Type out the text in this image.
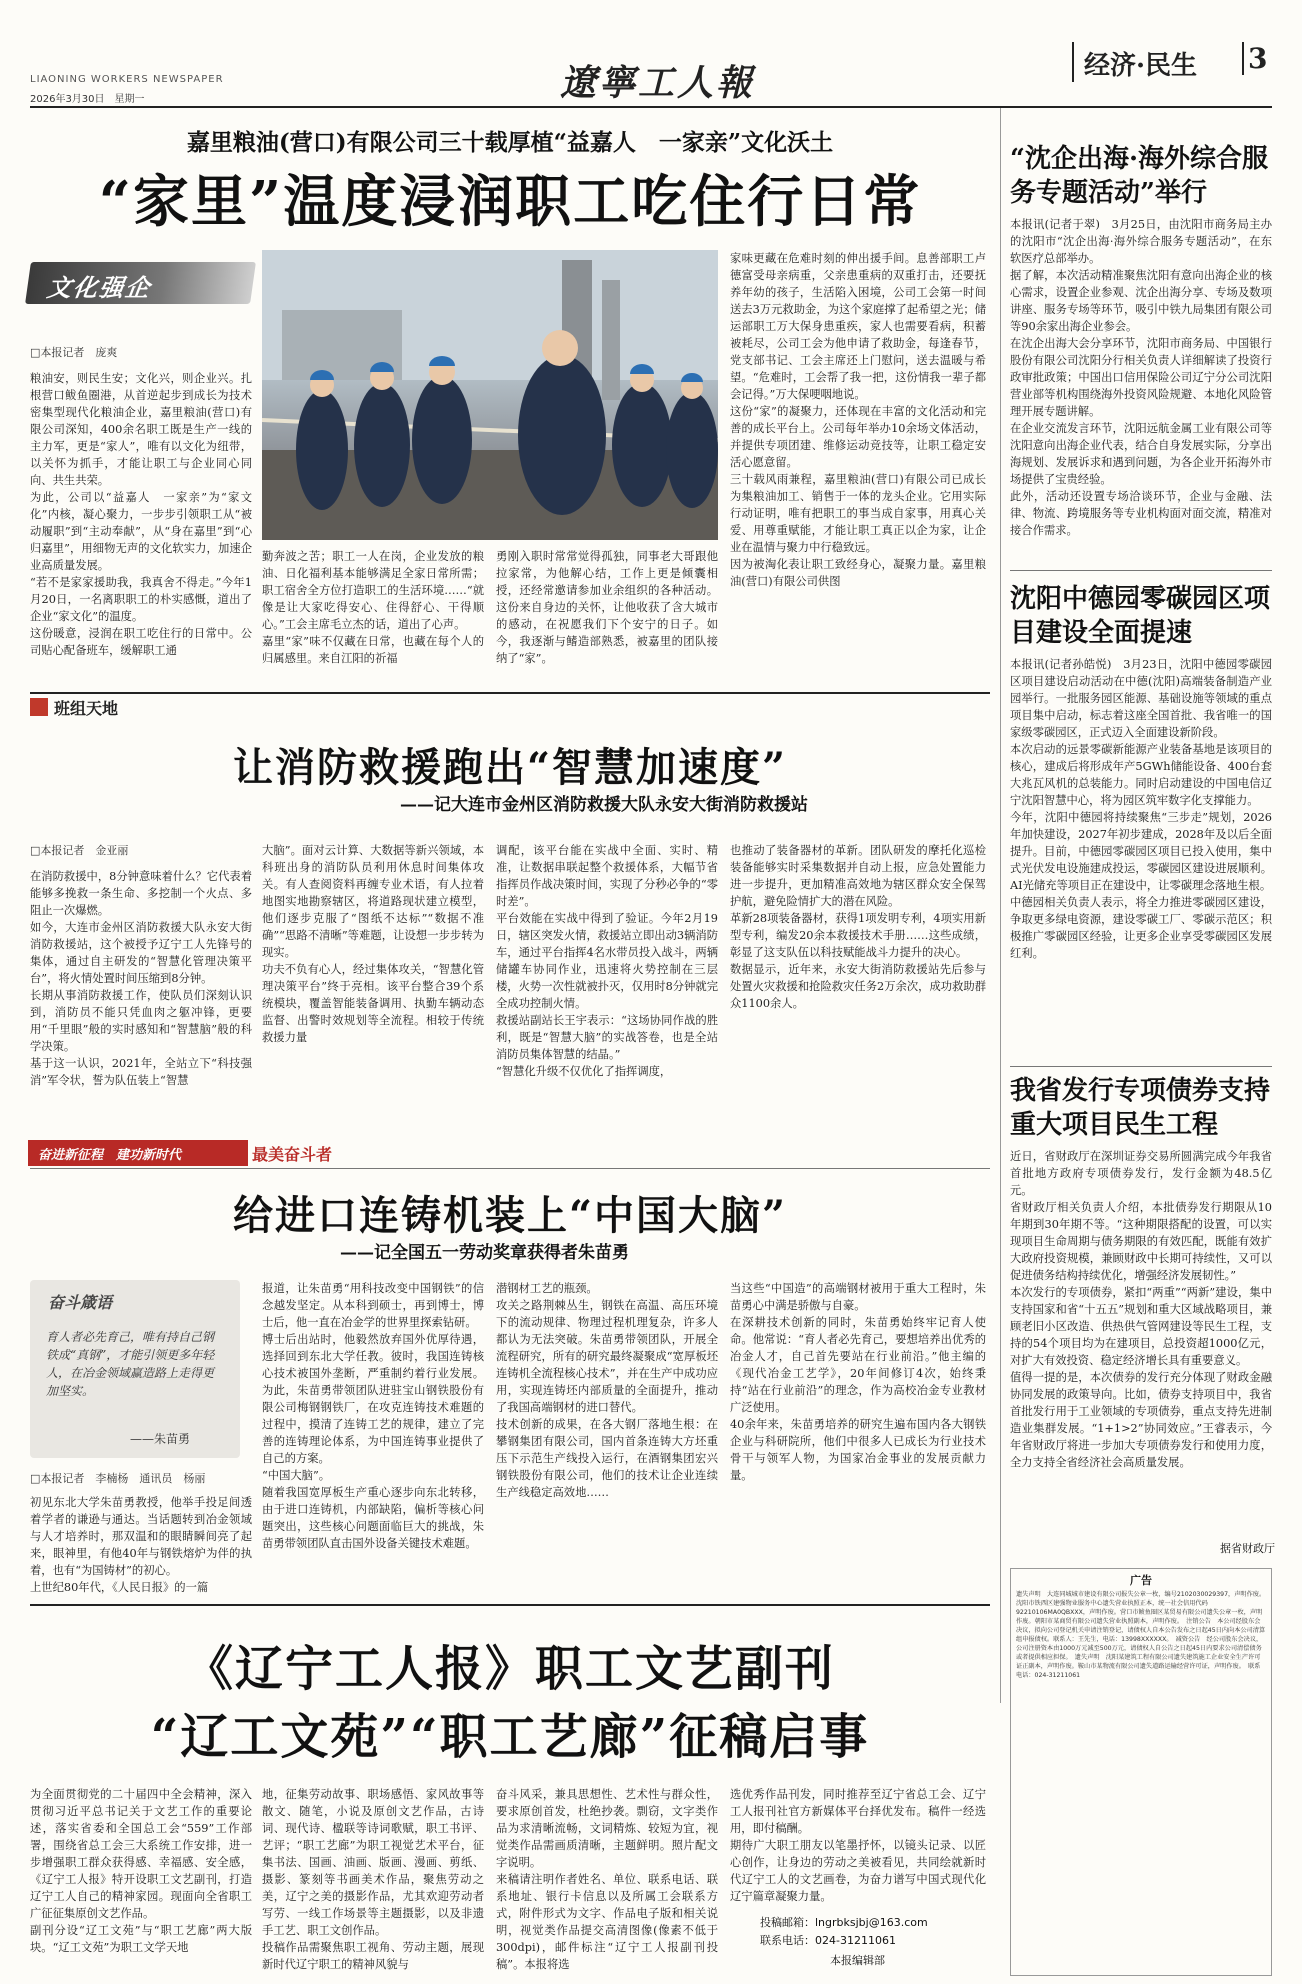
LIAONING WORKERS NEWSPAPER
2026年3月30日　星期一	遼寧工人報	经济·民生 3
嘉里粮油(营口)有限公司三十载厚植“益嘉人　一家亲”文化沃土
“家里”温度浸润职工吃住行日常
文化强企
□本报记者　庞爽
粮油安，则民生安；文化兴，则企业兴。扎根营口鲅鱼圈港，从首逆起步到成长为技术密集型现代化粮油企业，嘉里粮油(营口)有限公司深知，400余名职工既是生产一线的主力军，更是“家人”，唯有以文化为纽带，以关怀为抓手，才能让职工与企业同心同向、共生共荣。
为此，公司以“益嘉人　一家亲”为“家文化”内核，凝心聚力，一步步引领职工从“被动履职”到“主动奉献”，从“身在嘉里”到“心归嘉里”，用细物无声的文化软实力，加速企业高质量发展。
“若不是家家援助我，我真舍不得走。”今年1月20日，一名离职职工的朴实感慨，道出了企业“家文化”的温度。
这份暖意，浸润在职工吃住行的日常中。公司贴心配备班车，缓解职工通
勤奔波之苦；职工一人在岗，企业发放的粮油、日化福利基本能够满足全家日常所需；职工宿舍全方位打造职工的生活环境……“就像是让大家吃得安心、住得舒心、干得顺心。”工会主席毛立杰的话，道出了心声。
嘉里“家”味不仅藏在日常，也藏在每个人的归属感里。来自江阳的祈福
勇刚入职时常常觉得孤独，同事老大哥跟他拉家常，为他解心结，工作上更是倾囊相授，还经常邀请参加业余组织的各种活动。这份来自身边的关怀，让他收获了含大城市的感动，在祝愿我们下个安宁的日子。如今，我逐渐与鳍造部熟悉，被嘉里的团队接纳了“家”。
家味更藏在危难时刻的伸出援手间。息善部职工卢德富受母亲病重，父亲患重病的双重打击，还要抚养年幼的孩子，生活陷入困境，公司工会第一时间送去3万元救助金，为这个家庭撑了起希望之光；储运部职工万大保身患重疾，家人也需要看病，积蓄被耗尽，公司工会为他申请了救助金，每逢春节，党支部书记、工会主席还上门慰问，送去温暖与希望。“危难时，工会帮了我一把，这份情我一辈子都会记得。”万大保哽咽地说。
这份“家”的凝聚力，还体现在丰富的文化活动和完善的成长平台上。公司每年举办10余场文体活动，并提供专项团建、维修运动竞技等，让职工稳定安活心愿意留。
三十载风雨兼程，嘉里粮油(营口)有限公司已成长为集粮油加工、销售于一体的龙头企业。它用实际行动证明，唯有把职工的事当成自家事，用真心关爱、用尊重赋能，才能让职工真正以企为家，让企业在温情与聚力中行稳致远。
因为被淘化表让职工致经身心，凝聚力量。嘉里粮油(营口)有限公司供图
班组天地
让消防救援跑出“智慧加速度”
——记大连市金州区消防救援大队永安大街消防救援站
□本报记者　金亚丽
在消防救援中，8分钟意味着什么？它代表着能够多挽救一条生命、多挖制一个火点、多阻止一次爆燃。
如今，大连市金州区消防救援大队永安大街消防救援站，这个被授予辽宁工人先锋号的集体，通过自主研发的“智慧化管理决策平台”，将火情处置时间压缩到8分钟。
长期从事消防救援工作，使队员们深刻认识到，消防员不能只凭血肉之躯冲锋，更要用“千里眼”般的实时感知和“智慧脑”般的科学决策。
基于这一认识，2021年，全站立下“科技强消”军令状，誓为队伍装上“智慧
大脑”。面对云计算、大数据等新兴领域，本科班出身的消防队员利用休息时间集体攻关。有人查阅资料再缠专业术语，有人拉着地图实地勘察辖区，将道路现状建立模型，他们逐步克服了“图纸不达标”“数据不准确”“思路不清晰”等难题，让设想一步步转为现实。
功夫不负有心人，经过集体攻关，“智慧化管理决策平台”终于亮相。该平台整合39个系统模块，覆盖智能装备调用、执勤车辆动态监督、出警时效规划等全流程。相较于传统救援力量
调配，该平台能在实战中全面、实时、精准，让数据串联起整个救援体系，大幅节省指挥员作战决策时间，实现了分秒必争的“零时差”。
平台效能在实战中得到了验证。今年2月19日，辖区突发火情，救援站立即出动3辆消防车，通过平台指挥4名水带员投入战斗，两辆储罐车协同作业，迅速将火势控制在三层楼，火势一次性就被扑灭，仅用时8分钟就完全成功控制火情。
救援站副站长王宇表示：“这场协同作战的胜利，既是“智慧大脑”的实战答卷，也是全站消防员集体智慧的结晶。”
“智慧化升级不仅优化了指挥调度，
也推动了装备器材的革新。团队研发的摩托化巡检装备能够实时采集数据并自动上报，应急处置能力进一步提升，更加精准高效地为辖区群众安全保驾护航，避免险情扩大的潜在风险。
革新28项装备器材，获得1项发明专利，4项实用新型专利，编发20余本救援技术手册……这些成绩，彰显了这支队伍以科技赋能战斗力提升的决心。
数据显示，近年来，永安大街消防救援站先后参与处置火灾救援和抢险救灾任务2万余次，成功救助群众1100余人。
奋进新征程　建功新时代	最美奋斗者
给进口连铸机装上“中国大脑”
——记全国五一劳动奖章获得者朱苗勇
奋斗箴语
育人者必先育己，唯有持自己钢铁成“真钢”，才能引领更多年轻人，在冶金领域赢造路上走得更加坚实。
——朱苗勇
□本报记者　李楠杨　通讯员　杨丽
初见东北大学朱苗勇教授，他举手投足间透着学者的谦逊与通达。当话题转到冶金领域与人才培养时，那双温和的眼睛瞬间亮了起来，眼神里，有他40年与钢铁熔炉为伴的执着，也有“为国铸材”的初心。
上世纪80年代，《人民日报》的一篇
报道，让朱苗勇“用科技改变中国钢铁”的信念越发坚定。从本科到硕士，再到博士，博士后，他一直在冶金学的世界里探索钻研。
博士后出站时，他毅然放弃国外优厚待遇，选择回到东北大学任教。彼时，我国连铸核心技术被国外垄断，严重制约着行业发展。为此，朱苗勇带领团队进驻宝山钢铁股份有限公司梅钢钢铁厂，在攻克连铸技术难题的过程中，摸清了连铸工艺的规律，建立了完善的连铸理论体系，为中国连铸事业提供了自己的方案。
“中国大脑”。
随着我国宽厚板生产重心逐步向东北转移，由于进口连铸机，内部缺陷，偏析等核心问题突出，这些核心问题面临巨大的挑战，朱苗勇带领团队直击国外设备关键技术难题。
潜钢材工艺的瓶颈。
攻关之路荆棘丛生，钢铁在高温、高压环境下的流动规律、物理过程机理复杂，许多人都认为无法突破。朱苗勇带领团队，开展全流程研究，所有的研究最终凝聚成“宽厚板坯连铸机全流程核心技术”，并在生产中成功应用，实现连铸坯内部质量的全面提升，推动了我国高端钢材的进口替代。
技术创新的成果，在各大钢厂落地生根：在攀钢集团有限公司，国内首条连铸大方坯重压下示范生产线投入运行，在酒钢集团宏兴钢铁股份有限公司，他们的技术让企业连续生产线稳定高效地……
当这些“中国造”的高端钢材被用于重大工程时，朱苗勇心中满是骄傲与自豪。
在深耕技术创新的同时，朱苗勇始终牢记育人使命。他常说：“育人者必先育己，要想培养出优秀的冶金人才，自己首先要站在行业前沿。”他主编的《现代冶金工艺学》，20年间修订4次，始终秉持“站在行业前沿”的理念，作为高校冶金专业教材广泛使用。
40余年来，朱苗勇培养的研究生遍布国内各大钢铁企业与科研院所，他们中很多人已成长为行业技术骨干与领军人物，为国家冶金事业的发展贡献力量。
《辽宁工人报》职工文艺副刊
“辽工文苑”“职工艺廊”征稿启事
为全面贯彻党的二十届四中全会精神，深入贯彻习近平总书记关于文艺工作的重要论述，落实省委和全国总工会“559”工作部署，围绕省总工会三大系统工作安排，进一步增强职工群众获得感、幸福感、安全感，《辽宁工人报》特开设职工文艺副刊，打造辽宁工人自己的精神家园。现面向全省职工广征征集原创文艺作品。
副刊分设“辽工文苑”与“职工艺廊”两大版块。“辽工文苑”为职工文学天地
地，征集劳动故事、职场感悟、家风故事等散文、随笔，小说及原创文艺作品，古诗词、现代诗、楹联等诗词歌赋，职工书评、艺评；“职工艺廊”为职工视觉艺术平台，征集书法、国画、油画、版画、漫画、剪纸、摄影、篆刻等书画美术作品，聚焦劳动之美，辽宁之美的摄影作品，尤其欢迎劳动者写劳、一线工作场景等主题摄影，以及非遗手工艺、职工文创作品。
投稿作品需聚焦职工视角、劳动主题，展现新时代辽宁职工的精神风貌与
奋斗风采，兼具思想性、艺术性与群众性，要求原创首发，杜绝抄袭。剽窃，文字类作品为求清晰流畅，文词精炼、较短为宜，视觉类作品需画质清晰，主题鲜明。照片配文字说明。
来稿请注明作者姓名、单位、联系电话、联系地址、银行卡信息以及所属工会联系方式，附件形式为文字、作品电子版和相关说明，视觉类作品提交高清图像(像素不低于300dpi)，邮件标注“辽宁工人报副刊投稿”。本报将选
选优秀作品刊发，同时推荐至辽宁省总工会、辽宁工人报刊社官方新媒体平台择优发布。稿件一经选用，即付稿酬。
期待广大职工朋友以笔墨抒怀，以镜头记录、以匠心创作，让身边的劳动之美被看见，共同绘就新时代辽宁工人的文艺画卷，为奋力谱写中国式现代化辽宁篇章凝聚力量。
投稿邮箱：lngrbksjbj@163.com
联系电话：024-31211061
本报编辑部
“沈企出海·海外综合服务专题活动”举行
本报讯(记者于翠)　3月25日，由沈阳市商务局主办的沈阳市“沈企出海·海外综合服务专题活动”，在东软医疗总部举办。
据了解，本次活动精准聚焦沈阳有意向出海企业的核心需求，设置企业参观、沈企出海分享、专场及数项讲座、服务专场等环节，吸引中铁九局集团有限公司等90余家出海企业参会。
在沈企出海大会分享环节，沈阳市商务局、中国银行股份有限公司沈阳分行相关负责人详细解读了投资行政审批政策；中国出口信用保险公司辽宁分公司沈阳营业部等机构围绕海外投资风险规避、本地化风险管理开展专题讲解。
在企业交流发言环节，沈阳远航金属工业有限公司等沈阳意向出海企业代表，结合自身发展实际，分享出海规划、发展诉求和遇到问题，为各企业开拓海外市场提供了宝贵经验。
此外，活动还设置专场洽谈环节，企业与金融、法律、物流、跨境服务等专业机构面对面交流，精准对接合作需求。
沈阳中德园零碳园区项目建设全面提速
本报讯(记者孙皓悦)　3月23日，沈阳中德园零碳园区项目建设启动活动在中德(沈阳)高端装备制造产业园举行。一批服务园区能源、基础设施等领域的重点项目集中启动，标志着这座全国首批、我省唯一的国家级零碳园区，正式迈入全面建设新阶段。
本次启动的远景零碳新能源产业装备基地是该项目的核心，建成后将形成年产5GWh储能设备、400台套大兆瓦风机的总装能力。同时启动建设的中国电信辽宁沈阳智慧中心，将为园区筑牢数字化支撑能力。
今年，沈阳中德园将持续聚焦“三步走”规划，2026年加快建设，2027年初步建成，2028年及以后全面提升。目前，中德园零碳园区项目已投入使用，集中式光伏发电设施建成投运，零碳园区建设进展顺利。AI光储充等项目正在建设中，让零碳理念落地生根。
中德园相关负责人表示，将全力推进零碳园区建设，争取更多绿电资源，建设零碳工厂、零碳示范区；积极推广零碳园区经验，让更多企业享受零碳园区发展红利。
我省发行专项债券支持重大项目民生工程
近日，省财政厅在深圳证券交易所圆满完成今年我省首批地方政府专项债券发行，发行金额为48.5亿元。
省财政厅相关负责人介绍，本批债券发行期限从10年期到30年期不等。“这种期限搭配的设置，可以实现项目生命周期与债务期限的有效匹配，既能有效扩大政府投资规模，兼顾财政中长期可持续性，又可以促进债务结构持续优化，增强经济发展韧性。”
本次发行的专项债券，紧扣“两重”“两新”建设，集中支持国家和省“十五五”规划和重大区域战略项目，兼顾老旧小区改造、供热供气管网建设等民生工程，支持的54个项目均为在建项目，总投资超1000亿元，对扩大有效投资、稳定经济增长具有重要意义。
值得一提的是，本次债券的发行充分体现了财政金融协同发展的政策导向。比如，债券支持项目中，我省首批发行用于工业领域的专项债券，重点支持先进制造业集群发展。“1+1>2”协同效应。”王睿表示，今年省财政厅将进一步加大专项债券发行和使用力度，全力支持全省经济社会高质量发展。
据省财政厅
广告
遗失声明　大连同城城市建设有限公司报失公章一枚，编号2102030029397，声明作废。沈阳市铁西区建强物业服务中心遗失营业执照正本，统一社会信用代码92210106MA0QBXXX，声明作废。营口市鲅鱼圈区某贸易有限公司遗失公章一枚，声明作废。朝阳市某商贸有限公司遗失营业执照副本，声明作废。　注销公告　本公司经股东会决议，拟向公司登记机关申请注销登记，请债权人自本公告发布之日起45日内向本公司清算组申报债权。联系人：王先生，电话：13998XXXXXX。　减资公告　经公司股东会决议，公司注册资本由1000万元减至500万元，请债权人自公告之日起45日内要求公司清偿债务或者提供相应担保。　遗失声明　沈阳某建筑工程有限公司遗失建筑施工企业安全生产许可证正副本，声明作废。鞍山市某物流有限公司遗失道路运输经营许可证，声明作废。　联系电话：024-31211061
